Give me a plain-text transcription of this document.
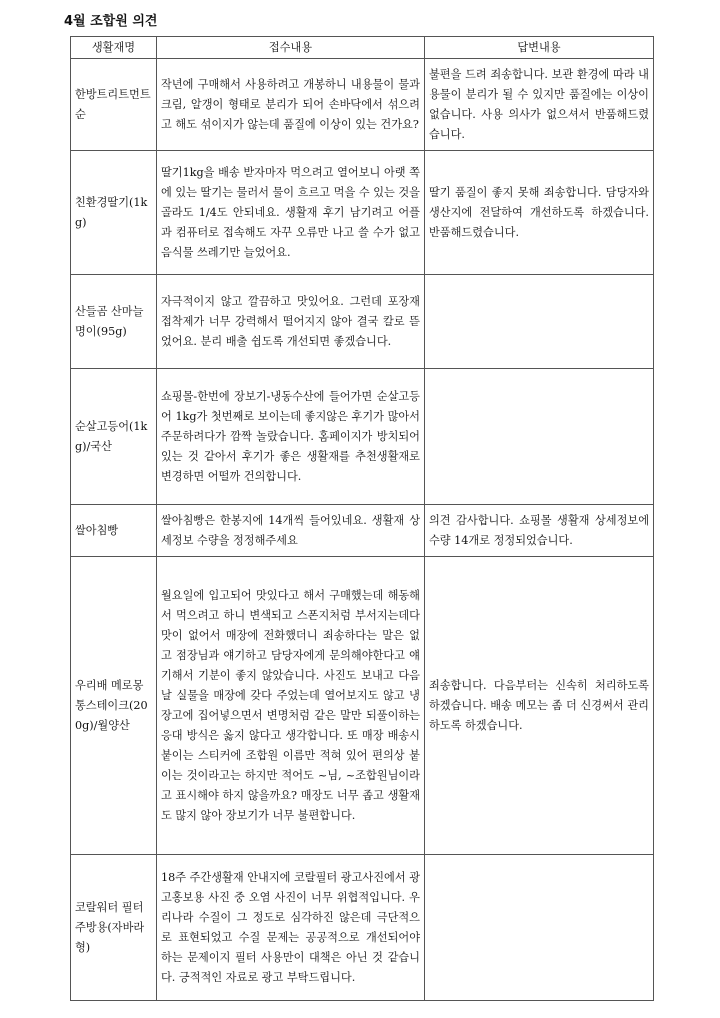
4월 조합원 의견
생활재명	접수내용	답변내용
한방트리트먼트순	작년에 구매해서 사용하려고 개봉하니 내용물이 물과 크림, 알갱이 형태로 분리가 되어 손바닥에서 섞으려고 해도 섞이지가 않는데 품질에 이상이 있는 건가요?	불편을 드려 죄송합니다. 보관 환경에 따라 내용물이 분리가 될 수 있지만 품질에는 이상이 없습니다. 사용 의사가 없으셔서 반품해드렸습니다.
친환경딸기(1kg)	딸기1kg을 배송 받자마자 먹으려고 열어보니 아랫 쪽에 있는 딸기는 물러서 물이 흐르고 먹을 수 있는 것을 골라도 1/4도 안되네요. 생활재 후기 남기려고 어플과 컴퓨터로 접속해도 자꾸 오류만 나고 쓸 수가 없고 음식물 쓰레기만 늘었어요.	딸기 품질이 좋지 못해 죄송합니다. 담당자와 생산지에 전달하여 개선하도록 하겠습니다. 반품해드렸습니다.
산들곰 산마늘명이(95g)	자극적이지 않고 깔끔하고 맛있어요. 그런데 포장재 접착제가 너무 강력해서 떨어지지 않아 결국 칼로 뜯었어요. 분리 배출 쉽도록 개선되면 좋겠습니다.	
순살고등어(1kg)/국산	쇼핑몰-한번에 장보기-냉동수산에 들어가면 순살고등어 1kg가 첫번째로 보이는데 좋지않은 후기가 많아서 주문하려다가 깜짝 놀랐습니다. 홈페이지가 방치되어 있는 것 같아서 후기가 좋은 생활재를 추천생활재로 변경하면 어떨까 건의합니다.	
쌀아침빵	쌀아침빵은 한봉지에 14개씩 들어있네요. 생활재 상세정보 수량을 정정해주세요	의견 감사합니다. 쇼핑몰 생활재 상세정보에 수량 14개로 정정되었습니다.
우리배 메로몽통스테이크(200g)/월양산	월요일에 입고되어 맛있다고 해서 구매했는데 해동해서 먹으려고 하니 변색되고 스폰지처럼 부서지는데다 맛이 없어서 매장에 전화했더니 죄송하다는 말은 없고 점장님과 얘기하고 담당자에게 문의해야한다고 얘기해서 기분이 좋지 않았습니다. 사진도 보내고 다음날 실물을 매장에 갖다 주었는데 열어보지도 않고 냉장고에 집어넣으면서 변명처럼 같은 말만 되풀이하는 응대 방식은 옳지 않다고 생각합니다. 또 매장 배송시 붙이는 스티커에 조합원 이름만 적혀 있어 편의상 붙이는 것이라고는 하지만 적어도 ~님, ~조합원님이라고 표시해야 하지 않을까요? 매장도 너무 좁고 생활재도 많지 않아 장보기가 너무 불편합니다.	죄송합니다. 다음부터는 신속히 처리하도록 하겠습니다. 배송 메모는 좀 더 신경써서 관리하도록 하겠습니다.
코랄워터 필터 주방용(자바라형)	18주 주간생활재 안내지에 코랄필터 광고사진에서 광고홍보용 사진 중 오염 사진이 너무 위협적입니다. 우리나라 수질이 그 정도로 심각하진 않은데 극단적으로 표현되었고 수질 문제는 공공적으로 개선되어야 하는 문제이지 필터 사용만이 대책은 아닌 것 같습니다. 긍적적인 자료로 광고 부탁드립니다.	
